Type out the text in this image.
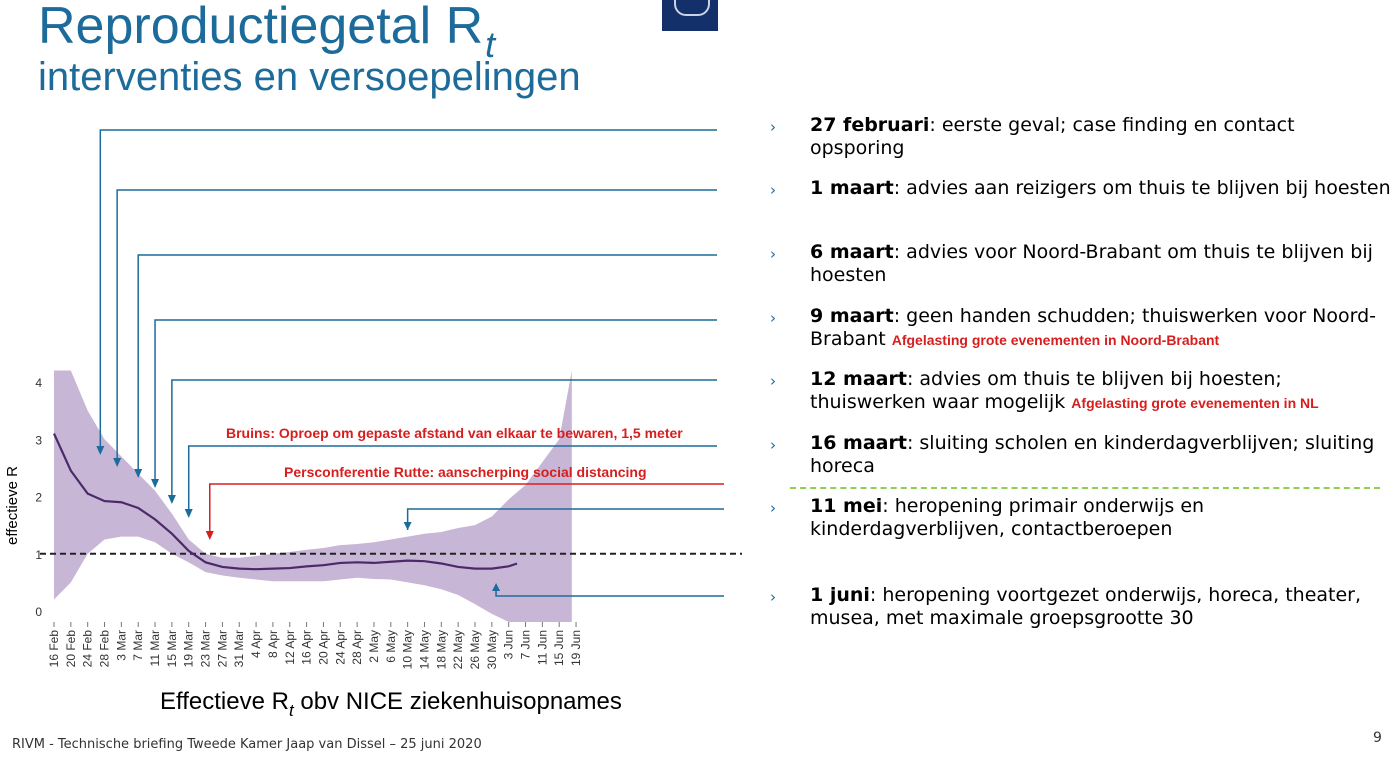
Reproductiegetal $R_t$
interventies en versoepelingen
0
1
2
3
4
16 Feb 20 Feb 24 Feb 28 Feb 3 Mar 7 Mar 11 Mar 15 Mar 19 Mar 23 Mar 27 Mar 31 Mar 4 Apr 8 Apr 12 Apr 16 Apr 20 Apr 24 Apr 28 Apr 2 May 6 May 10 May 14 May 18 May 22 May 26 May 30 May 3 Jun 7 Jun 11 Jun 15 Jun 19 Jun
effectieve R
Effectieve $R_t$ obv NICE ziekenhuisopnames
Bruins: Oproep om gepaste afstand van elkaar te bewaren, 1,5 meter
Persconferentie Rutte: aanscherping social distancing
› 27 februari: eerste geval; case finding en contact opsporing
› 1 maart: advies aan reizigers om thuis te blijven bij hoesten
› 6 maart: advies voor Noord-Brabant om thuis te blijven bij hoesten
› 9 maart: geen handen schudden; thuiswerken voor Noord-Brabant Afgelasting grote evenementen in Noord-Brabant
› 12 maart: advies om thuis te blijven bij hoesten; thuiswerken waar mogelijk Afgelasting grote evenementen in NL
› 16 maart: sluiting scholen en kinderdagverblijven; sluiting horeca
› 11 mei: heropening primair onderwijs en kinderdagverblijven, contactberoepen
› 1 juni: heropening voortgezet onderwijs, horeca, theater, musea, met maximale groepsgrootte 30
RIVM - Technische briefing Tweede Kamer Jaap van Dissel – 25 juni 2020	9
